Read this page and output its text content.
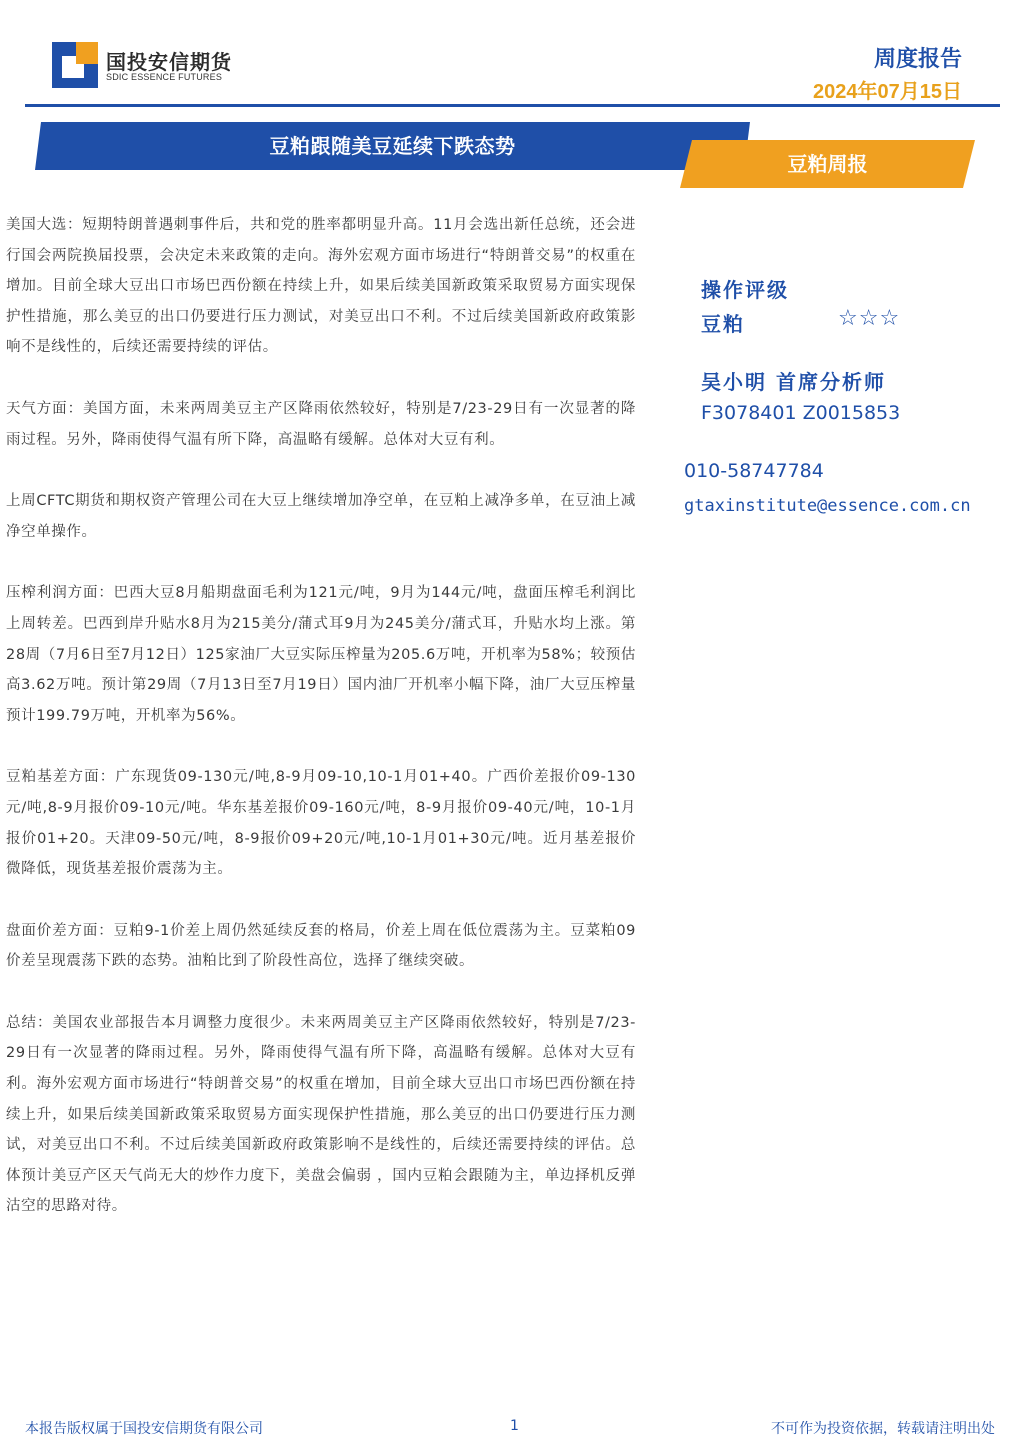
国投安信期货
SDIC ESSENCE FUTURES
周度报告
2024年07月15日
豆粕跟随美豆延续下跌态势
豆粕周报

美国大选：短期特朗普遇刺事件后，共和党的胜率都明显升高。11月会选出新任总统，还会进行国会两院换届投票，会决定未来政策的走向。海外宏观方面市场进行“特朗普交易”的权重在增加。目前全球大豆出口市场巴西份额在持续上升，如果后续美国新政策采取贸易方面实现保护性措施，那么美豆的出口仍要进行压力测试，对美豆出口不利。不过后续美国新政府政策影响不是线性的，后续还需要持续的评估。

天气方面：美国方面，未来两周美豆主产区降雨依然较好，特别是7/23-29日有一次显著的降雨过程。另外，降雨使得气温有所下降，高温略有缓解。总体对大豆有利。

上周CFTC期货和期权资产管理公司在大豆上继续增加净空单，在豆粕上减净多单，在豆油上减净空单操作。

压榨利润方面：巴西大豆8月船期盘面毛利为121元/吨，9月为144元/吨，盘面压榨毛利润比上周转差。巴西到岸升贴水8月为215美分/蒲式耳9月为245美分/蒲式耳，升贴水均上涨。第28周（7月6日至7月12日）125家油厂大豆实际压榨量为205.6万吨，开机率为58%；较预估高3.62万吨。预计第29周（7月13日至7月19日）国内油厂开机率小幅下降，油厂大豆压榨量预计199.79万吨，开机率为56%。

豆粕基差方面：广东现货09-130元/吨,8-9月09-10,10-1月01+40。广西价差报价09-130元/吨,8-9月报价09-10元/吨。华东基差报价09-160元/吨，8-9月报价09-40元/吨，10-1月报价01+20。天津09-50元/吨，8-9报价09+20元/吨,10-1月01+30元/吨。近月基差报价微降低，现货基差报价震荡为主。

盘面价差方面：豆粕9-1价差上周仍然延续反套的格局，价差上周在低位震荡为主。豆菜粕09价差呈现震荡下跌的态势。油粕比到了阶段性高位，选择了继续突破。

总结：美国农业部报告本月调整力度很少。未来两周美豆主产区降雨依然较好，特别是7/23-29日有一次显著的降雨过程。另外，降雨使得气温有所下降，高温略有缓解。总体对大豆有利。海外宏观方面市场进行“特朗普交易”的权重在增加，目前全球大豆出口市场巴西份额在持续上升，如果后续美国新政策采取贸易方面实现保护性措施，那么美豆的出口仍要进行压力测试，对美豆出口不利。不过后续美国新政府政策影响不是线性的，后续还需要持续的评估。总体预计美豆产区天气尚无大的炒作力度下，美盘会偏弱 ，国内豆粕会跟随为主，单边择机反弹沽空的思路对待。

操作评级
豆粕	☆☆☆
吴小明 首席分析师
F3078401 Z0015853
010-58747784
gtaxinstitute@essence.com.cn
本报告版权属于国投安信期货有限公司	1	不可作为投资依据，转载请注明出处
